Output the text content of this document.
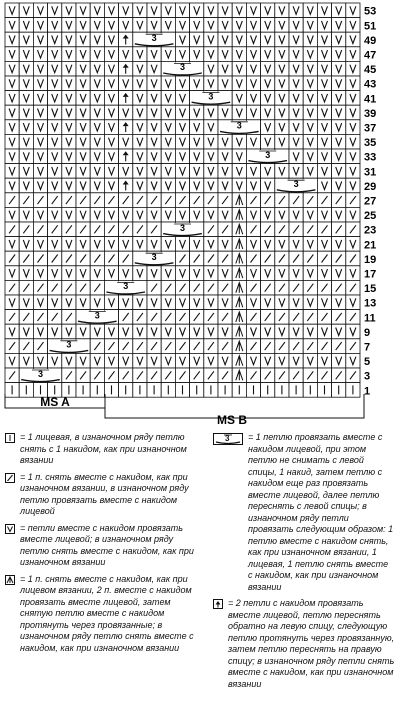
3
3
3
3
3
3
3
3
3
3
3
3
53
51
49
47
45
43
41
39
37
35
33
31
29
27
25
23
21
19
17
15
13
11
9
7
5
3
1
MS A
MS B
= 1 лицевая, в изнаночном ряду петлю снять с 1 накидом, как при изнаночном вязании
= 1 п. снять вместе с накидом, как при изнаночном вязании, в изнаночном ряду петлю провязать вместе с накидом лицевой
= петли вместе с накидом провязать вместе лицевой; в изнаночном ряду петлю снять вместе с накидом, как при изнаночном вязании
= 1 п. снять вместе с накидом, как при лицевом вязании, 2 п. вместе с накидом провязать вместе лицевой, затем снятую петлю вместе с накидом протянуть через провязанные; в изнаночном ряду петлю снять вместе с накидом, как при изнаночном вязании
3 = 1 петлю провязать вместе с накидом лицевой, при этом петлю не снимать с левой спицы, 1 накид, затем петлю с накидом еще раз провязать вместе лицевой, далее петлю переснять с левой спицы; в изнаночном ряду петли провязать следующим образом: 1 петлю вместе с накидом снять, как при изнаночном вязании, 1 лицевая, 1 петлю снять вместе с накидом, как при изнаночном вязании
= 2 петли с накидом провязать вместе лицевой, петлю переснять обратно на левую спицу, следующую петлю протянуть через провязанную, затем петлю переснять на правую спицу; в изнаночном ряду петли снять вместе с накидом, как при изнаночном вязании
